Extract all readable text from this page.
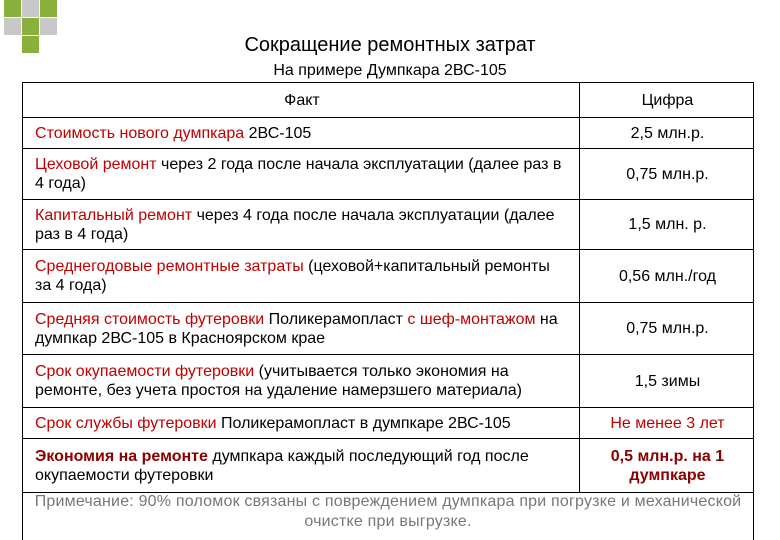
Сокращение ремонтных затрат
На примере Думпкара 2ВС-105
Факт	Цифра
Стоимость нового думпкара 2ВС-105	2,5 млн.р.
Цеховой ремонт через 2 года после начала эксплуатации (далее раз в 4 года)	0,75 млн.р.
Капитальный ремонт через 4 года после начала эксплуатации (далее раз в 4 года)	1,5 млн. р.
Среднегодовые ремонтные затраты (цеховой+капитальный ремонты за 4 года)	0,56 млн./год
Средняя стоимость футеровки Поликерамопласт с шеф-монтажом на думпкар 2ВС-105 в Красноярском крае	0,75 млн.р.
Срок окупаемости футеровки (учитывается только экономия на ремонте, без учета простоя на удаление намерзшего материала)	1,5 зимы
Срок службы футеровки Поликерамопласт в думпкаре 2ВС-105	Не менее 3 лет
Экономия на ремонте думпкара каждый последующий год после окупаемости футеровки	0,5 млн.р. на 1 думпкаре
Примечание: 90% поломок связаны с повреждением думпкара при погрузке и механической очистке при выгрузке.
